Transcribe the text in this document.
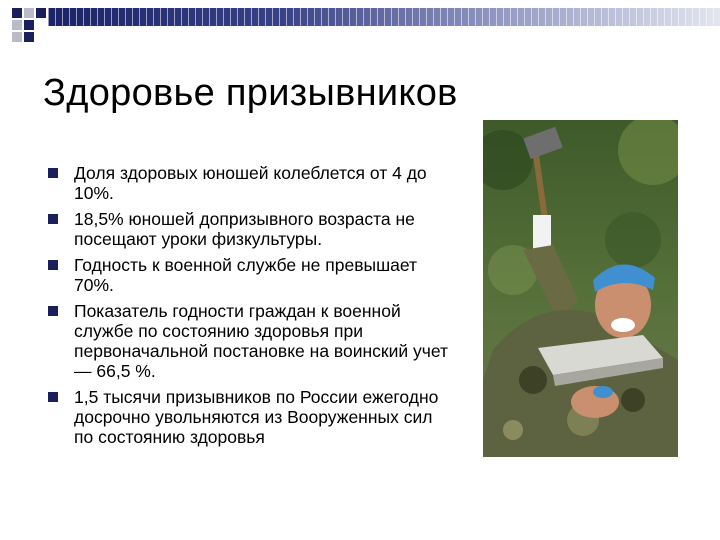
Здоровье призывников
Доля здоровых юношей колеблется от 4 до 10%.
18,5% юношей допризывного возраста не посещают уроки физкультуры.
Годность к военной службе не превышает 70%.
Показатель годности граждан к военной службе по состоянию здоровья при первоначальной постановке на воинский учет — 66,5 %.
1,5 тысячи призывников по России ежегодно досрочно увольняются из Вооруженных сил по состоянию здоровья
